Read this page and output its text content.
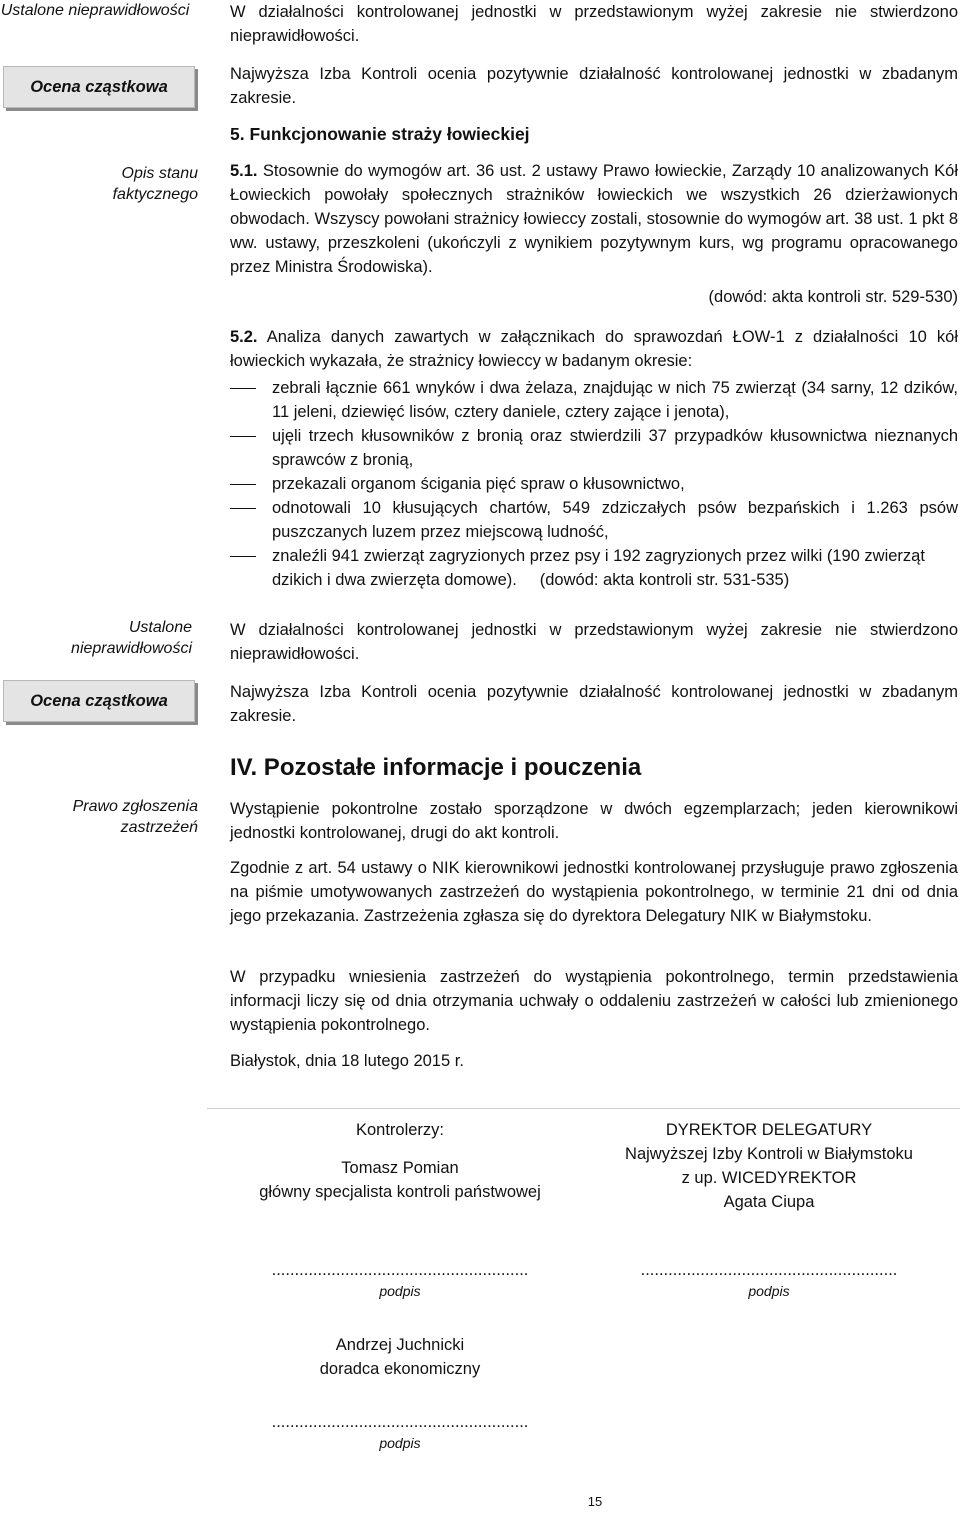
Ustalone nieprawidłowości
Ocena cząstkowa
Opis stanu faktycznego
Ustalone nieprawidłowości
Ocena cząstkowa
Prawo zgłoszenia zastrzeżeń
W działalności kontrolowanej jednostki w przedstawionym wyżej zakresie nie stwierdzono nieprawidłowości.
Najwyższa Izba Kontroli ocenia pozytywnie działalność kontrolowanej jednostki w zbadanym zakresie.
5. Funkcjonowanie straży łowieckiej
5.1. Stosownie do wymogów art. 36 ust. 2 ustawy Prawo łowieckie, Zarządy 10 analizowanych Kół Łowieckich powołały społecznych strażników łowieckich we wszystkich 26 dzierżawionych obwodach. Wszyscy powołani strażnicy łowieccy zostali, stosownie do wymogów art. 38 ust. 1 pkt 8 ww. ustawy, przeszkoleni (ukończyli z wynikiem pozytywnym kurs, wg programu opracowanego przez Ministra Środowiska).
(dowód: akta kontroli str. 529-530)
5.2. Analiza danych zawartych w załącznikach do sprawozdań ŁOW-1 z działalności 10 kół łowieckich wykazała, że strażnicy łowieccy w badanym okresie:
zebrali łącznie 661 wnyków i dwa żelaza, znajdując w nich 75 zwierząt (34 sarny, 12 dzików, 11 jeleni, dziewięć lisów, cztery daniele, cztery zające i jenota),
ujęli trzech kłusowników z bronią oraz stwierdzili 37 przypadków kłusownictwa nieznanych sprawców z bronią,
przekazali organom ścigania pięć spraw o kłusownictwo,
odnotowali 10 kłusujących chartów, 549 zdziczałych psów bezpańskich i 1.263 psów puszczanych luzem przez miejscową ludność,
znaleźli 941 zwierząt zagryzionych przez psy i 192 zagryzionych przez wilki (190 zwierząt dzikich i dwa zwierzęta domowe). (dowód: akta kontroli str. 531-535)
W działalności kontrolowanej jednostki w przedstawionym wyżej zakresie nie stwierdzono nieprawidłowości.
Najwyższa Izba Kontroli ocenia pozytywnie działalność kontrolowanej jednostki w zbadanym zakresie.
IV. Pozostałe informacje i pouczenia
Wystąpienie pokontrolne zostało sporządzone w dwóch egzemplarzach; jeden kierownikowi jednostki kontrolowanej, drugi do akt kontroli.
Zgodnie z art. 54 ustawy o NIK kierownikowi jednostki kontrolowanej przysługuje prawo zgłoszenia na piśmie umotywowanych zastrzeżeń do wystąpienia pokontrolnego, w terminie 21 dni od dnia jego przekazania. Zastrzeżenia zgłasza się do dyrektora Delegatury NIK w Białymstoku.
W przypadku wniesienia zastrzeżeń do wystąpienia pokontrolnego, termin przedstawienia informacji liczy się od dnia otrzymania uchwały o oddaleniu zastrzeżeń w całości lub zmienionego wystąpienia pokontrolnego.
Białystok, dnia 18 lutego 2015 r.
Kontrolerzy:
Tomasz Pomian
główny specjalista kontroli państwowej
DYREKTOR DELEGATURY
Najwyższej Izby Kontroli w Białymstoku
z up. WICEDYREKTOR
Agata Ciupa
........................................................
podpis
........................................................
podpis
Andrzej Juchnicki
doradca ekonomiczny
........................................................
podpis
15
